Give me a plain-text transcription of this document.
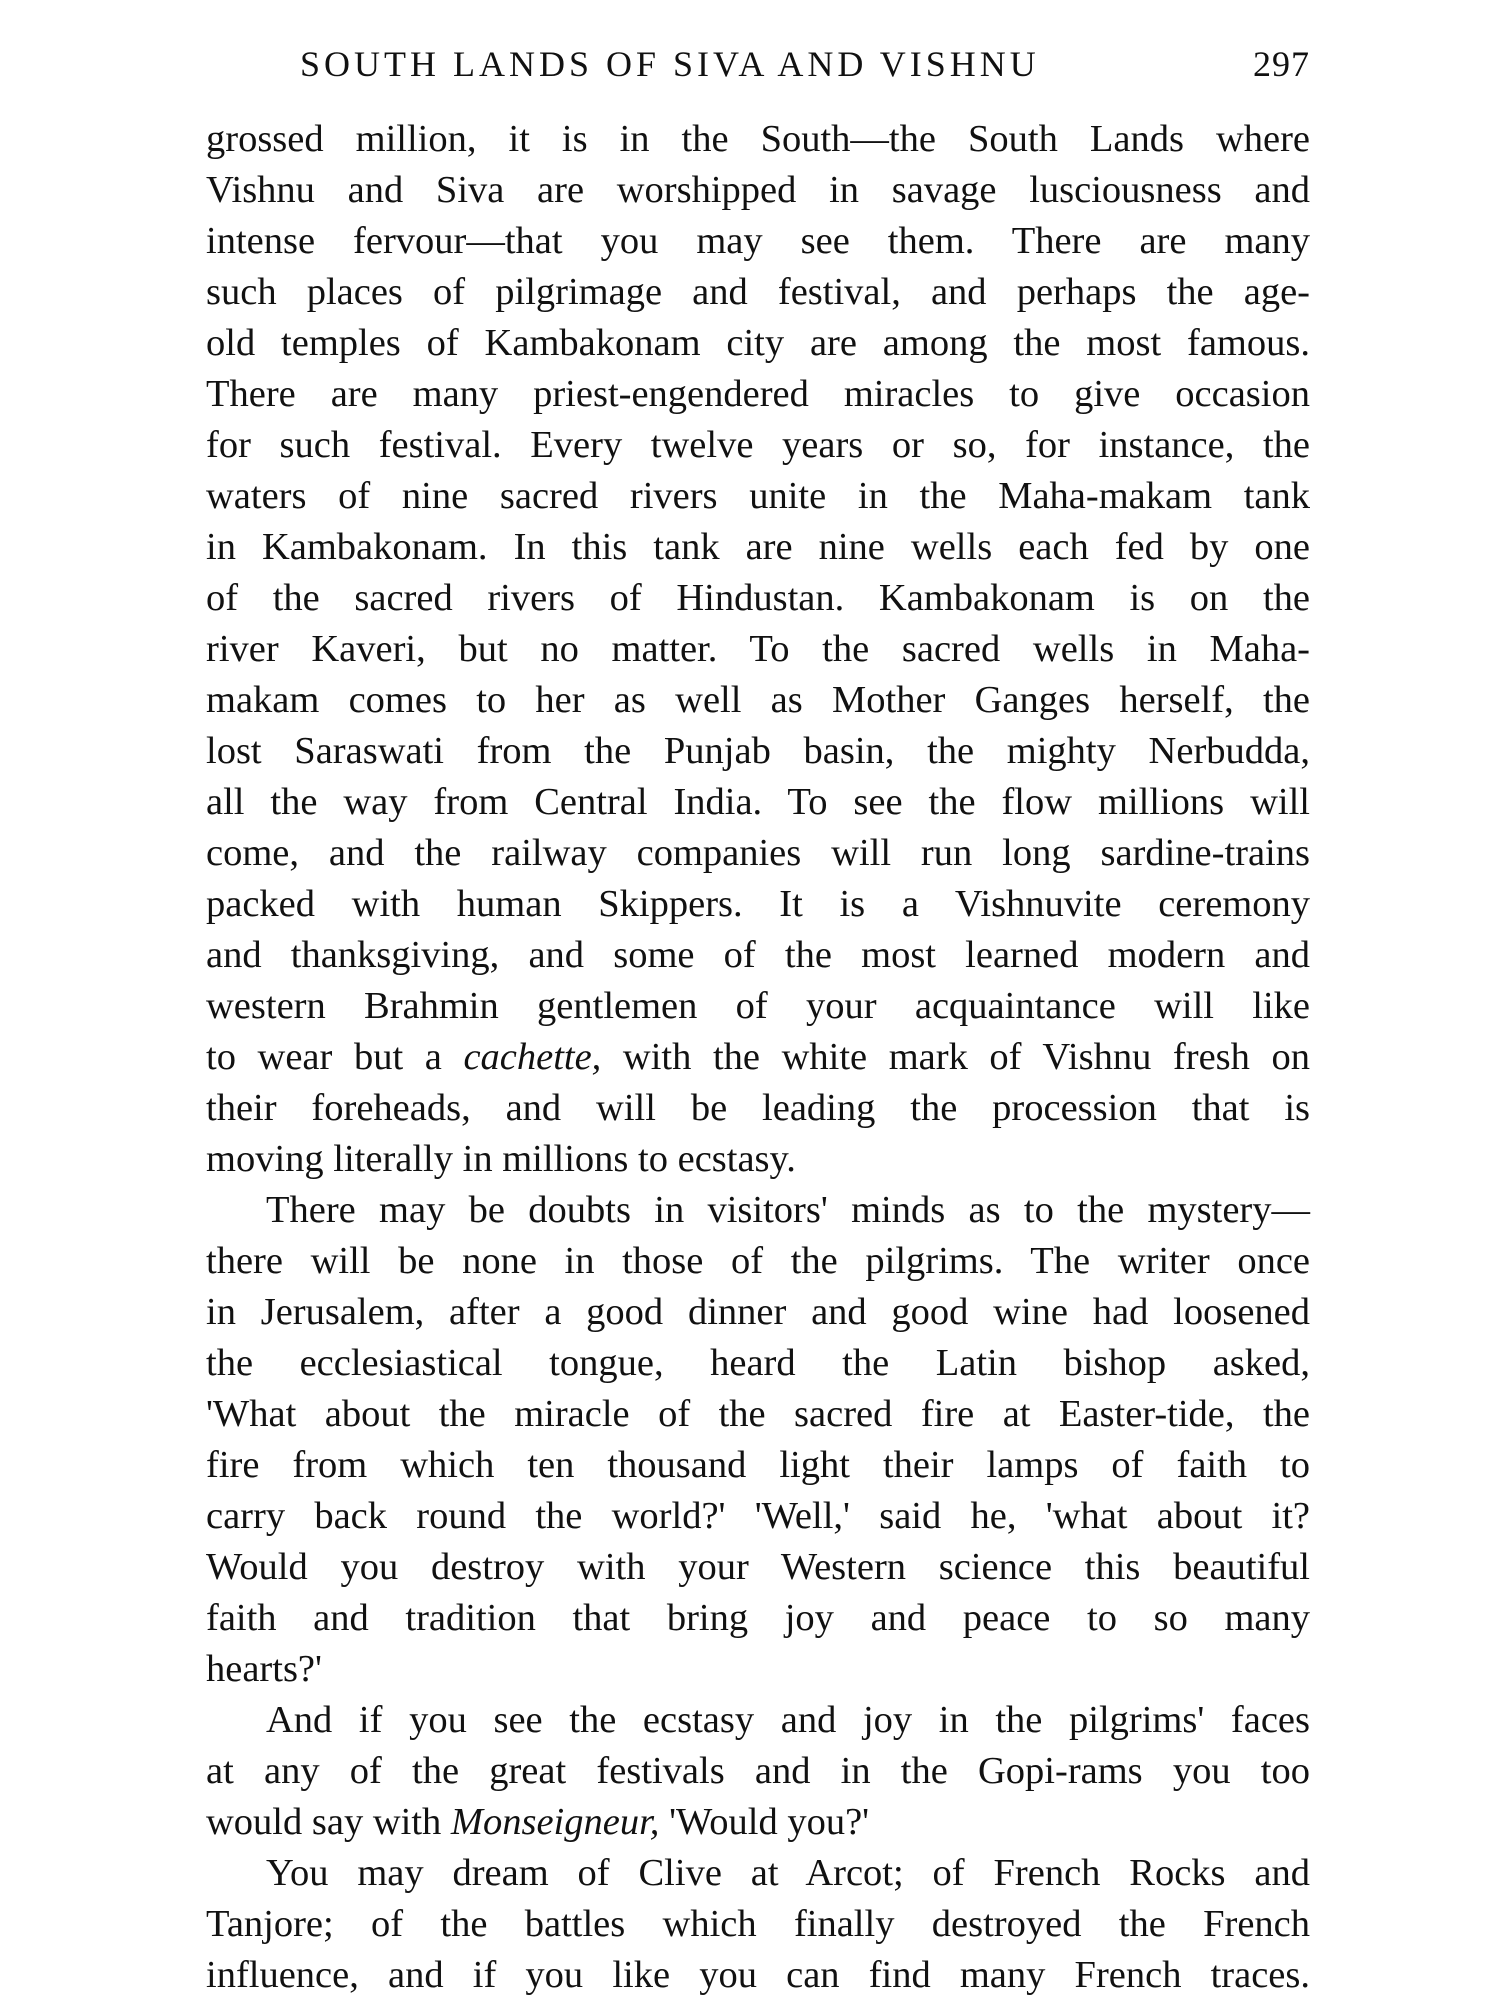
SOUTH LANDS OF SIVA AND VISHNU	297
grossed million, it is in the South—the South Lands where
Vishnu and Siva are worshipped in savage lusciousness and
intense fervour—that you may see them. There are many
such places of pilgrimage and festival, and perhaps the age-
old temples of Kambakonam city are among the most famous.
There are many priest-engendered miracles to give occasion
for such festival. Every twelve years or so, for instance, the
waters of nine sacred rivers unite in the Maha-makam tank
in Kambakonam. In this tank are nine wells each fed by one
of the sacred rivers of Hindustan. Kambakonam is on the
river Kaveri, but no matter. To the sacred wells in Maha-
makam comes to her as well as Mother Ganges herself, the
lost Saraswati from the Punjab basin, the mighty Nerbudda,
all the way from Central India. To see the flow millions will
come, and the railway companies will run long sardine-trains
packed with human Skippers. It is a Vishnuvite ceremony
and thanksgiving, and some of the most learned modern and
western Brahmin gentlemen of your acquaintance will like
to wear but a cachette, with the white mark of Vishnu fresh on
their foreheads, and will be leading the procession that is
moving literally in millions to ecstasy.
There may be doubts in visitors' minds as to the mystery—
there will be none in those of the pilgrims. The writer once
in Jerusalem, after a good dinner and good wine had loosened
the ecclesiastical tongue, heard the Latin bishop asked,
'What about the miracle of the sacred fire at Easter-tide, the
fire from which ten thousand light their lamps of faith to
carry back round the world?' 'Well,' said he, 'what about it?
Would you destroy with your Western science this beautiful
faith and tradition that bring joy and peace to so many
hearts?'
And if you see the ecstasy and joy in the pilgrims' faces
at any of the great festivals and in the Gopi-rams you too
would say with Monseigneur, 'Would you?'
You may dream of Clive at Arcot; of French Rocks and
Tanjore; of the battles which finally destroyed the French
influence, and if you like you can find many French traces.
